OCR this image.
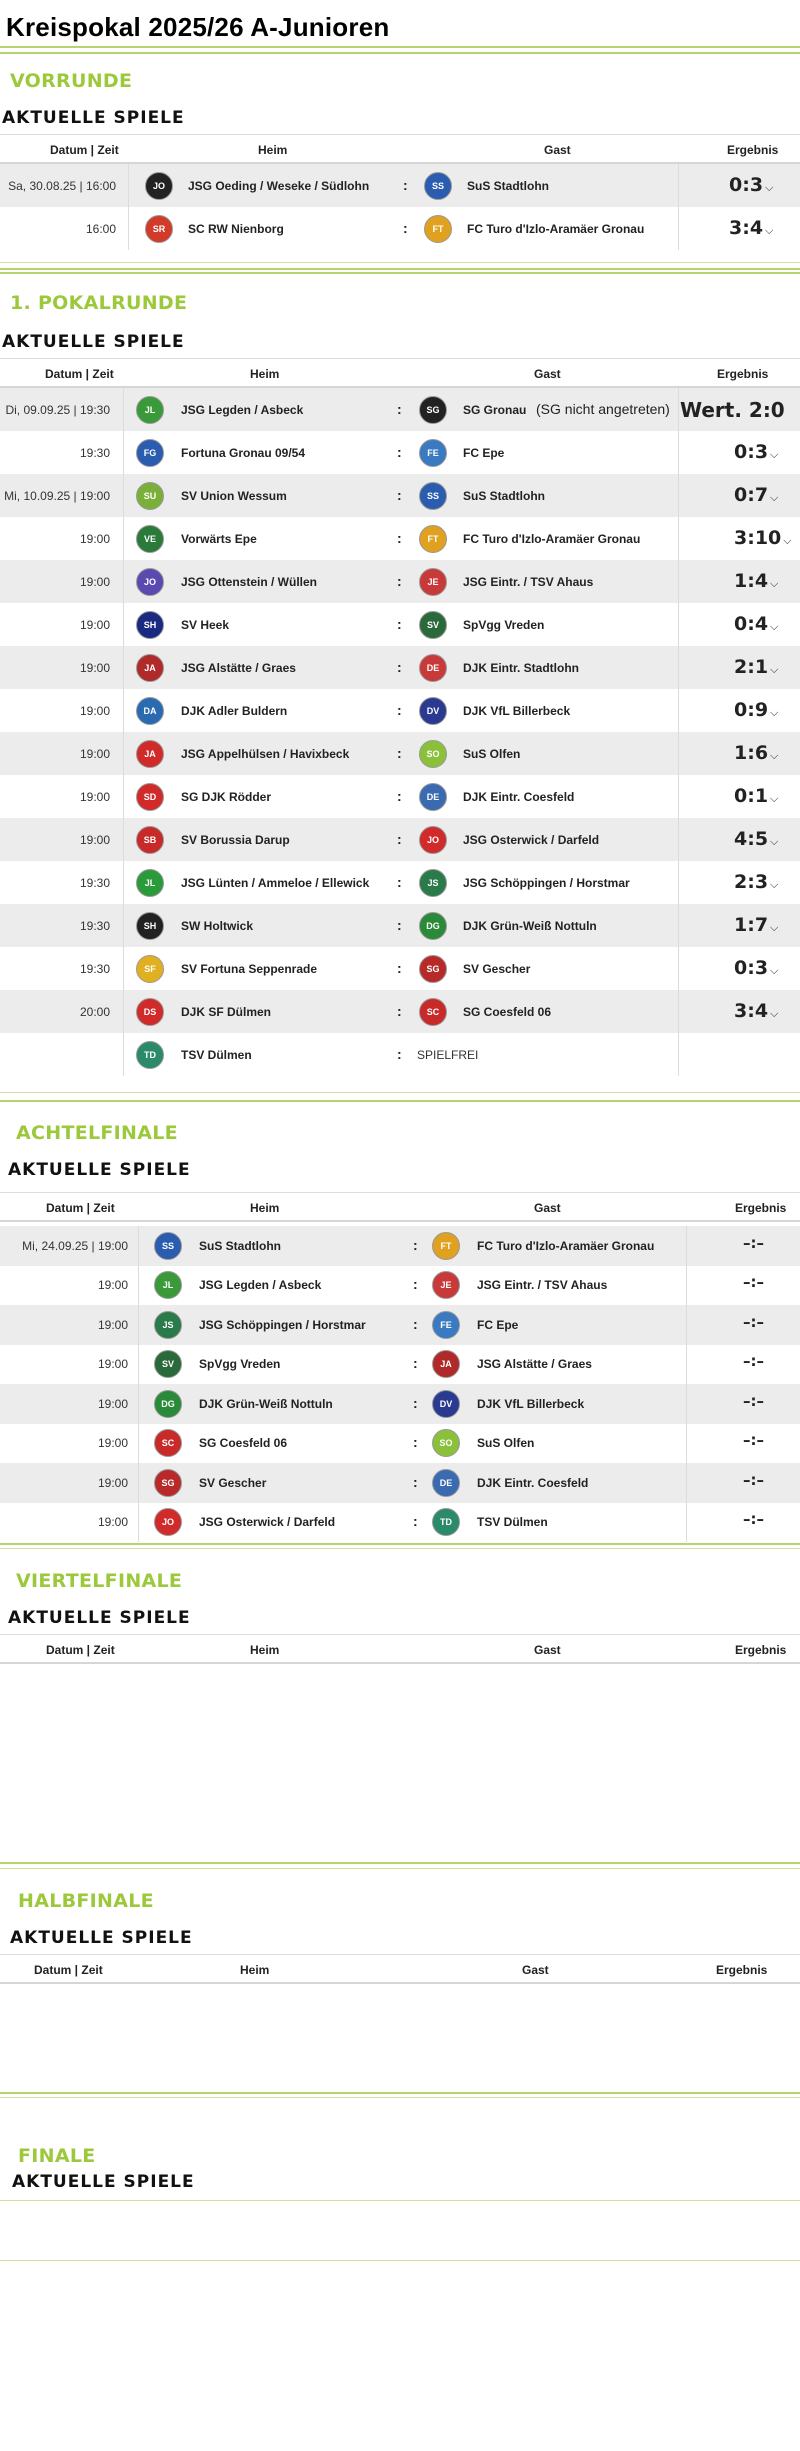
Kreispokal 2025/26 A-Junioren
VORRUNDE
AKTUELLE SPIELE
Datum | Zeit	Heim	Gast	Ergebnis
Sa, 30.08.25 | 16:00	JO	JSG Oeding / Weseke / Südlohn :	SS	SuS Stadtlohn	0:3 ⌵
16:00	SR	SC RW Nienborg	:	FT	FC Turo d'Izlo-Aramäer Gronau	3:4 ⌵
1. POKALRUNDE
AKTUELLE SPIELE
Datum | Zeit	Heim	Gast	Ergebnis
Di, 09.09.25 | 19:30	JL	JSG Legden / Asbeck	:	SG	SG Gronau (SG nicht angetreten) Wert. 2:0
19:30	FG	Fortuna Gronau 09/54	:	FE	FC Epe	0:3 ⌵
Mi, 10.09.25 | 19:00	SU	SV Union Wessum	:	SS	SuS Stadtlohn	0:7 ⌵
19:00	VE	Vorwärts Epe	:	FT	FC Turo d'Izlo-Aramäer Gronau	3:10 ⌵
19:00	JO	JSG Ottenstein / Wüllen	:	JE	JSG Eintr. / TSV Ahaus	1:4 ⌵
19:00	SH	SV Heek	:	SV	SpVgg Vreden	0:4 ⌵
19:00	JA	JSG Alstätte / Graes	:	DE	DJK Eintr. Stadtlohn	2:1 ⌵
19:00	DA	DJK Adler Buldern	:	DV	DJK VfL Billerbeck	0:9 ⌵
19:00	JA	JSG Appelhülsen / Havixbeck	:	SO	SuS Olfen	1:6 ⌵
19:00	SD	SG DJK Rödder	:	DE	DJK Eintr. Coesfeld	0:1 ⌵
19:00	SB	SV Borussia Darup	:	JO	JSG Osterwick / Darfeld	4:5 ⌵
19:30	JL	JSG Lünten / Ammeloe / Ellewick :	JS	JSG Schöppingen / Horstmar	2:3 ⌵
19:30	SH	SW Holtwick	:	DG	DJK Grün-Weiß Nottuln	1:7 ⌵
19:30	SF	SV Fortuna Seppenrade	:	SG	SV Gescher	0:3 ⌵
20:00	DS	DJK SF Dülmen	:	SC	SG Coesfeld 06	3:4 ⌵
TD	TSV Dülmen	: SPIELFREI
ACHTELFINALE
AKTUELLE SPIELE
Datum | Zeit	Heim	Gast	Ergebnis
Mi, 24.09.25 | 19:00	SS	SuS Stadtlohn	:	FT	FC Turo d'Izlo-Aramäer Gronau	–:–
19:00	JL	JSG Legden / Asbeck	:	JE	JSG Eintr. / TSV Ahaus	–:–
19:00	JS	JSG Schöppingen / Horstmar	:	FE	FC Epe	–:–
19:00	SV	SpVgg Vreden	:	JA	JSG Alstätte / Graes	–:–
19:00	DG	DJK Grün-Weiß Nottuln	:	DV	DJK VfL Billerbeck	–:–
19:00	SC	SG Coesfeld 06	:	SO	SuS Olfen	–:–
19:00	SG	SV Gescher	:	DE	DJK Eintr. Coesfeld	–:–
19:00	JO	JSG Osterwick / Darfeld	:	TD	TSV Dülmen	–:–
VIERTELFINALE
AKTUELLE SPIELE
Datum | Zeit	Heim	Gast	Ergebnis
HALBFINALE
AKTUELLE SPIELE
Datum | Zeit	Heim	Gast	Ergebnis
FINALE
AKTUELLE SPIELE
